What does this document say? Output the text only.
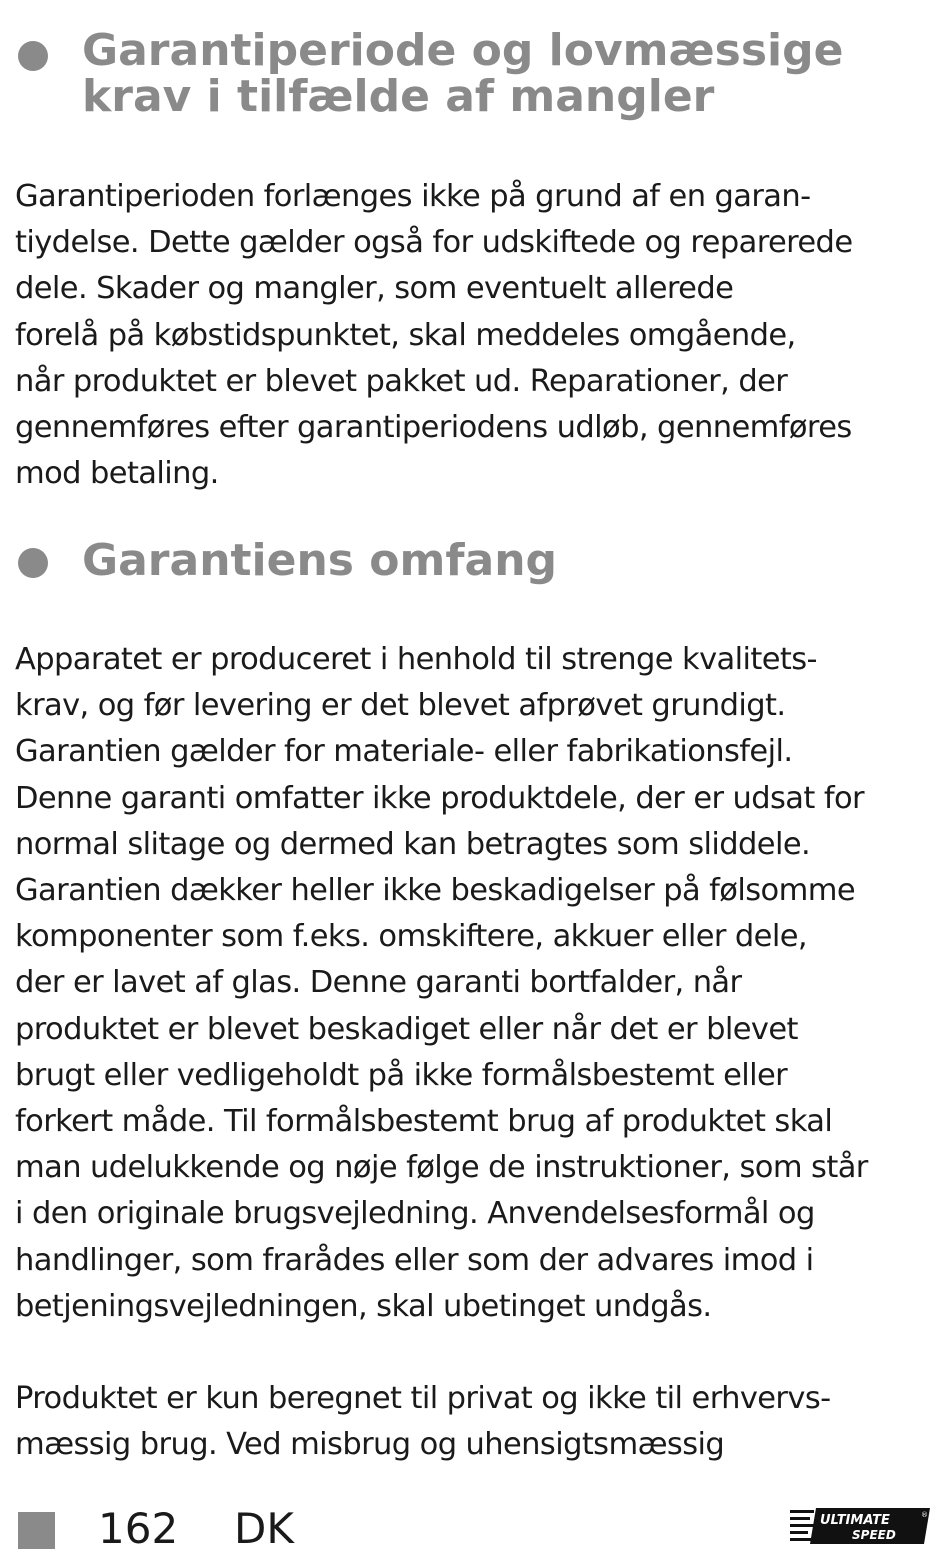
Garantiperiode og lovmæssige
krav i tilfælde af mangler
Garantiperioden forlænges ikke på grund af en garan-
tiydelse. Dette gælder også for udskiftede og reparerede
dele. Skader og mangler, som eventuelt allerede
forelå på købstidspunktet, skal meddeles omgående,
når produktet er blevet pakket ud. Reparationer, der
gennemføres efter garantiperiodens udløb, gennemføres
mod betaling.
Garantiens omfang
Apparatet er produceret i henhold til strenge kvalitets-
krav, og før levering er det blevet afprøvet grundigt.
Garantien gælder for materiale- eller fabrikationsfejl.
Denne garanti omfatter ikke produktdele, der er udsat for
normal slitage og dermed kan betragtes som sliddele.
Garantien dækker heller ikke beskadigelser på følsomme
komponenter som f.eks. omskiftere, akkuer eller dele,
der er lavet af glas. Denne garanti bortfalder, når
produktet er blevet beskadiget eller når det er blevet
brugt eller vedligeholdt på ikke formålsbestemt eller
forkert måde. Til formålsbestemt brug af produktet skal
man udelukkende og nøje følge de instruktioner, som står
i den originale brugsvejledning. Anvendelsesformål og
handlinger, som frarådes eller som der advares imod i
betjeningsvejledningen, skal ubetinget undgås.
Produktet er kun beregnet til privat og ikke til erhvervs-
mæssig brug. Ved misbrug og uhensigtsmæssig
162 DK	ULTIMATE
SPEED
®
